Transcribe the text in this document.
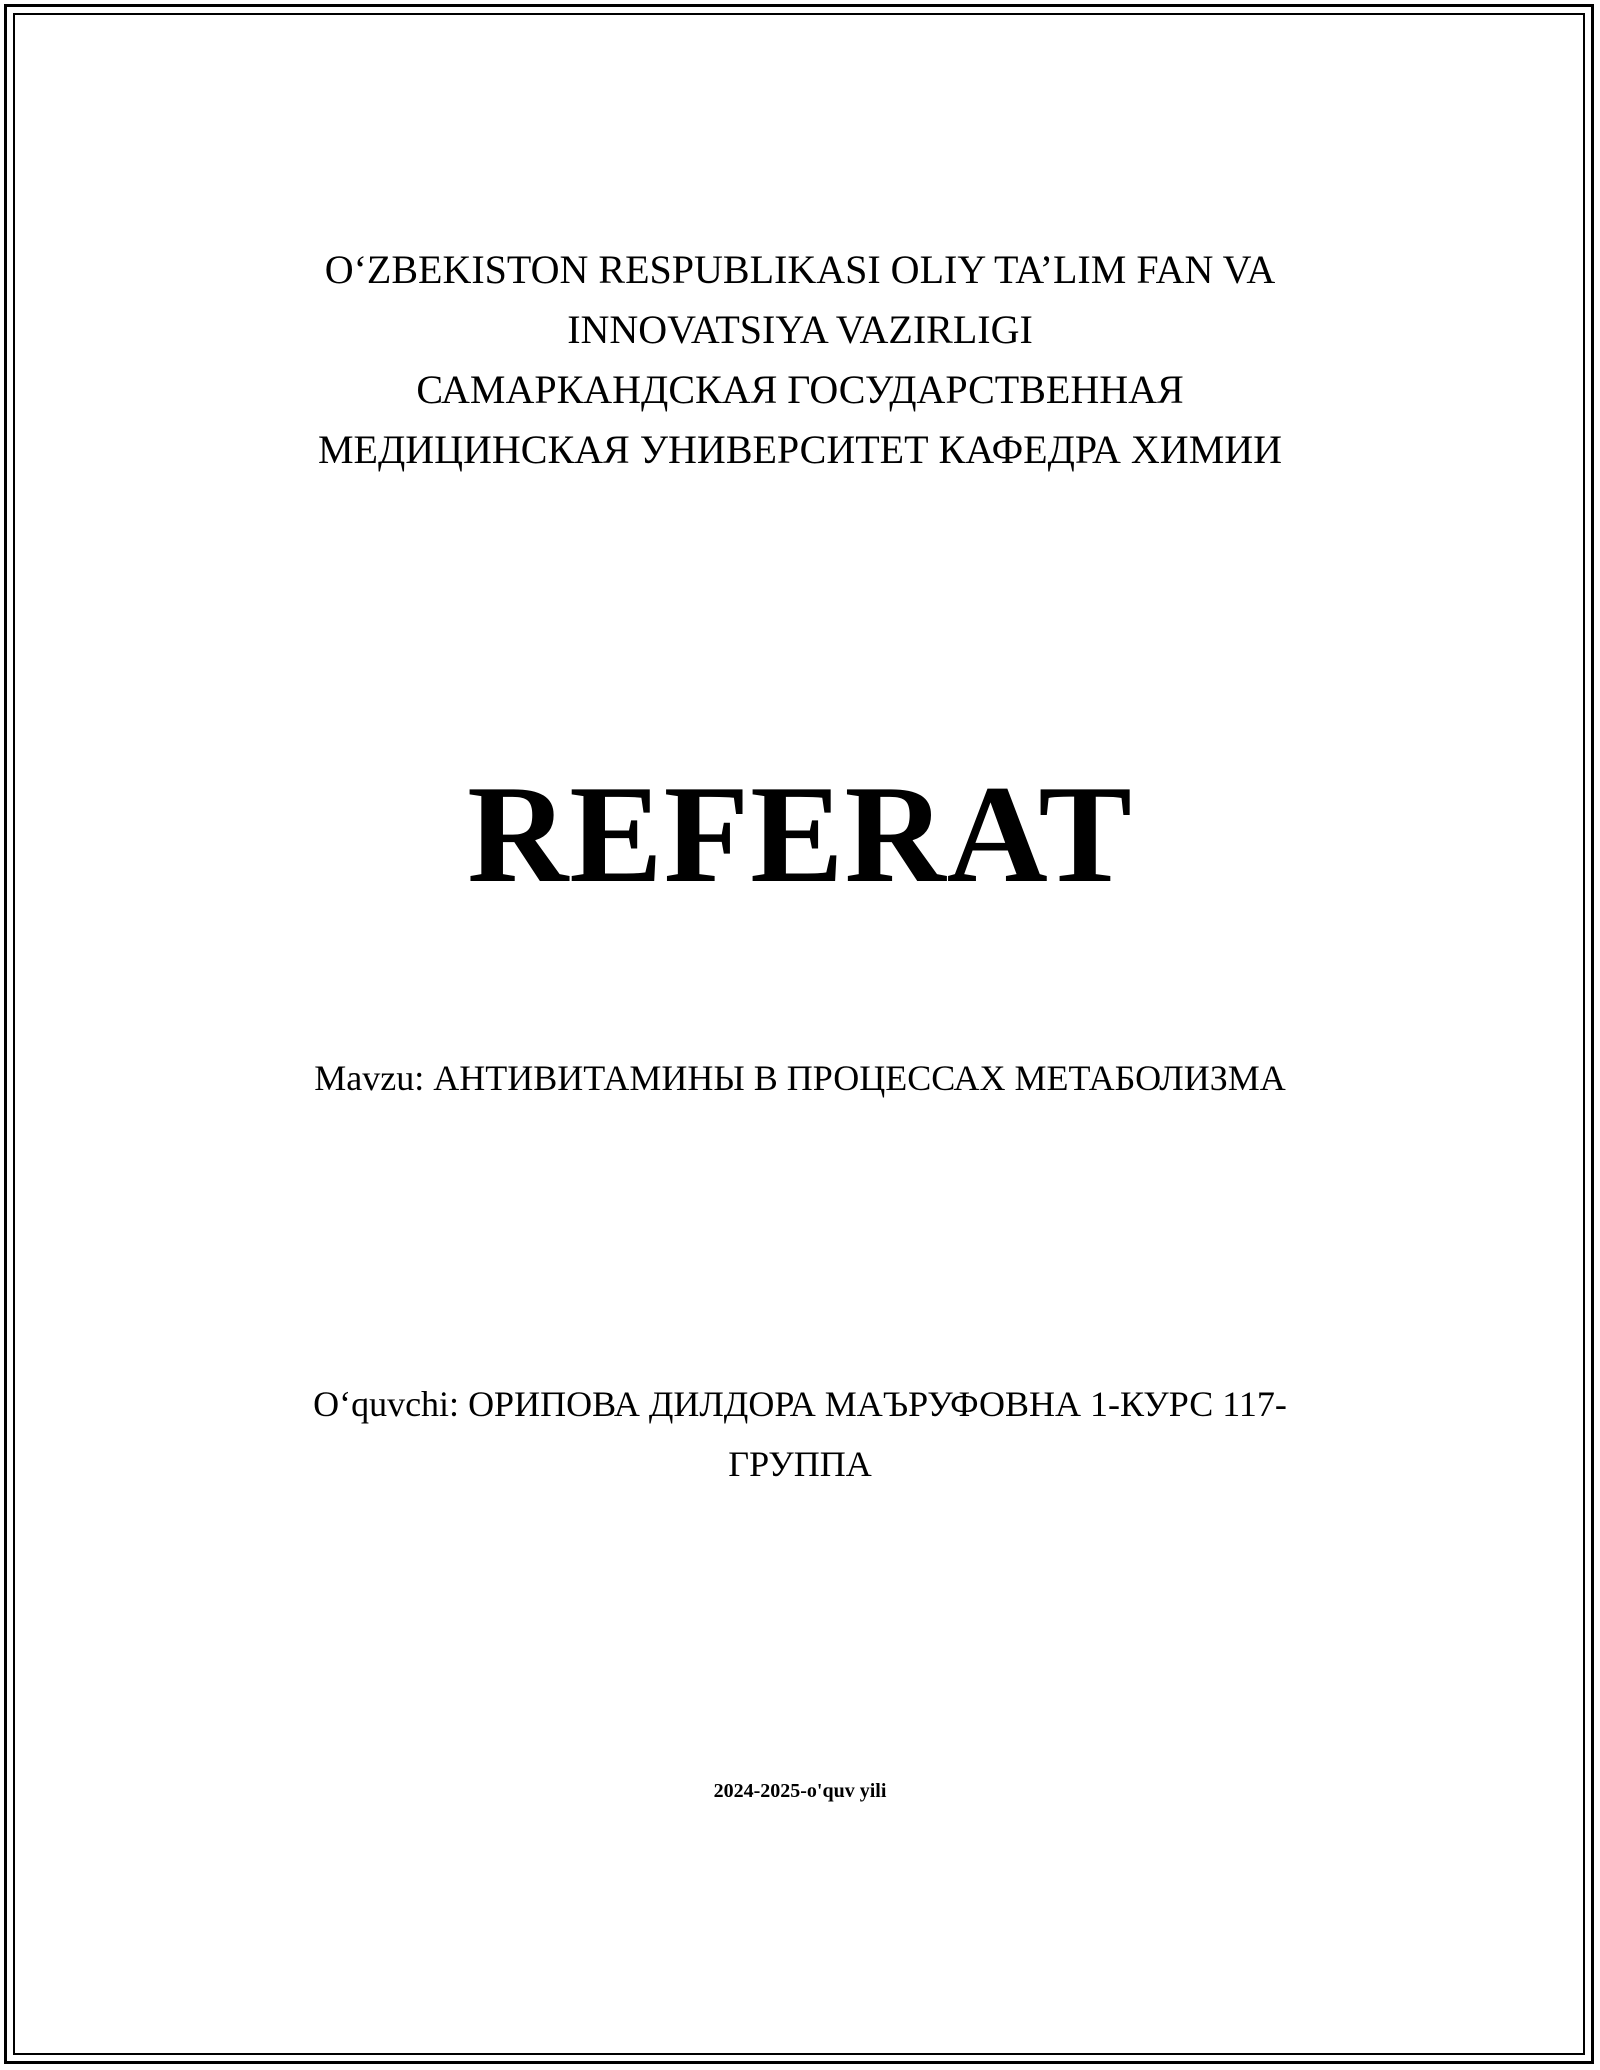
O‘ZBEKISTON RESPUBLIKASI OLIY TA’LIM FAN VA
INNOVATSIYA VAZIRLIGI
САМАРКАНДСКАЯ ГОСУДАРСТВЕННАЯ
МЕДИЦИНСКАЯ УНИВЕРСИТЕТ КАФЕДРА ХИМИИ
REFERAT
Mavzu: АНТИВИТАМИНЫ В ПРОЦЕССАХ МЕТАБОЛИЗМА
O‘quvchi: ОРИПОВА ДИЛДОРА МАЪРУФОВНА 1-КУРС 117-
ГРУППА
2024-2025-o'quv yili
